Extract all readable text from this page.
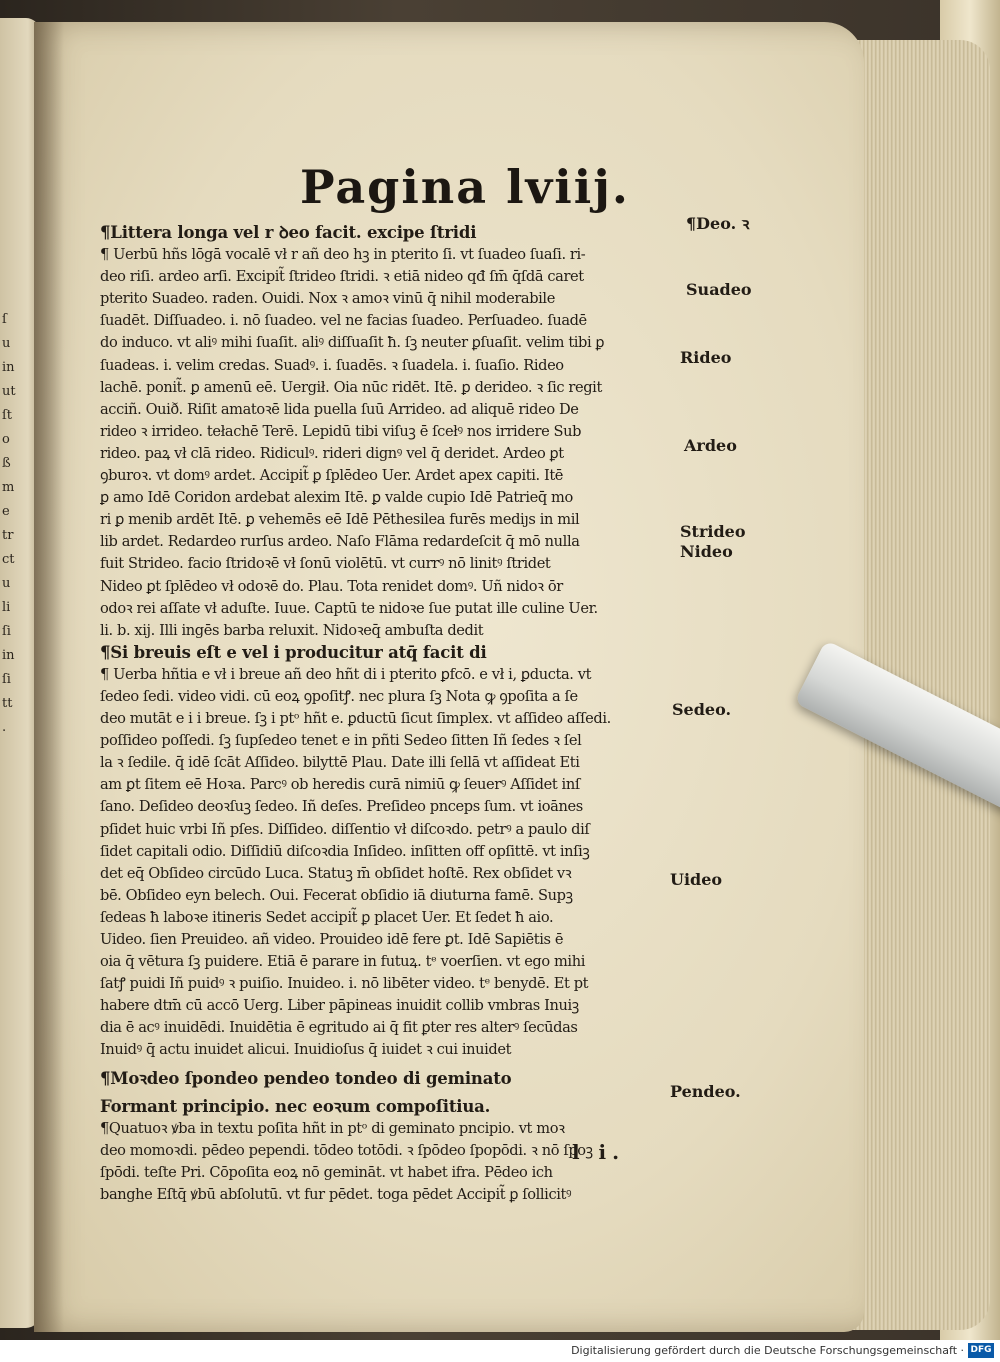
ſ
u
in
ut
ſt
o
ß
m
e
tr
ct
u
li
ſi
in
ſi
tt
.
Pagina lviij.
¶Littera longa vel r ꝺeo facit. excipe ſtridi
¶ Uerbū hñs lōgā vocalē vł r añ deo hꝫ in pterito ſi. vt ſuadeo ſuaſi. ri-
deo riſi. ardeo arſi. Excipit̃ ſtrideo ſtridi. ꝛ etiā nideo qđ ſm̄ q̄ſdā caret
pterito Suadeo. raden. Ouidi. Nox ꝛ amoꝛ vinū q̄ nihil moderabile
ſuadēt. Diſſuadeo. i. nō ſuadeo. vel ne facias ſuadeo. Perſuadeo. ſuadē
do induco. vt aliꝰ mihi ſuaſit. aliꝰ diſſuaſit ħ. ſꝫ neuter ꝑſuaſit. velim tibi ꝑ
ſuadeas. i. velim credas. Suadꝰ. i. ſuadēs. ꝛ ſuadela. i. ſuaſio. Rideo
lachē. ponit̃. ꝑ amenū eē. Uergił. Oia nūc ridēt. Itē. ꝑ derideo. ꝛ ſic regit
acciñ. Ouið. Riſit amatoꝛē lida puella ſuū Arrideo. ad aliquē rideo De
rideo ꝛ irrideo. tełachē Terē. Lepidū tibi viſuꝫ ē ſcełꝰ nos irridere Sub
rideo. paꝝ vł clā rideo. Ridiculꝰ. rideri dignꝰ vel q̄ deridet. Ardeo ꝑt
ꝯburoꝛ. vt domꝰ ardet. Accipit̃ ꝑ ſplēdeo Uer. Ardet apex capiti. Itē
ꝑ amo Idē Coridon ardebat alexim Itē. ꝑ valde cupio Idē Patrieq̄ mo
ri ꝑ menib ardēt Itē. ꝑ vehemēs eē Idē Pēthesilea furēs mediȷs in mil
lib ardet. Redardeo rurſus ardeo. Naſo Flāma redardeſcit q̄ mō nulla
fuit Strideo. facio ſtridoꝛē vł ſonū violētū. vt currꝰ nō linitꝰ ſtridet
Nideo ꝑt ſplēdeo vł odoꝛē do. Plau. Tota renidet domꝰ. Uñ nidoꝛ ōr
odoꝛ rei aſſate vł aduſte. Iuue. Captū te nidoꝛe ſue putat ille culine Uer.
li. b. xij. Illi ingēs barba reluxit. Nidoꝛeq̄ ambuſta dedit
¶Si breuis eſt e vel i producitur atq̄ facit di
¶ Uerba hñtia e vł i breue añ deo hñt di i pterito ꝑfcō. e vł i, ꝑducta. vt
ſedeo ſedi. video vidi. cū eoꝝ ꝯpoſitꝭ. nec plura ſꝫ Nota ꝙ ꝯpoſita a ſe
deo mutāt e i i breue. ſꝫ i ptᵒ hñt e. ꝑductū ſicut ſimplex. vt aſſideo aſſedi.
poſſideo poſſedi. ſꝫ ſupſedeo tenet e in pñti Sedeo ſitten Iñ ſedes ꝛ ſel
la ꝛ ſedile. q̄ idē ſcāt Aſſideo. bilyttē Plau. Date illi ſellā vt aſſideat Eti
am ꝑt ſitem eē Hoꝛa. Parcꝰ ob heredis curā nimiū ꝙ ſeuerꝰ Aſſidet inſ
ſano. Deſideo deoꝛſuꝫ ſedeo. Iñ deſes. Preſideo pnceps ſum. vt ioānes
pſidet huic vrbi Iñ pſes. Diſſideo. diſſentio vł diſcoꝛdo. petrꝰ a paulo diſ
ſidet capitali odio. Diſſidiū diſcoꝛdia Inſideo. inſitten off opſittē. vt inſiꝫ
det eq̄ Obſideo circūdo Luca. Statuꝫ m̄ obſidet hoſtē. Rex obſidet vꝛ
bē. Obſideo eyn belech. Oui. Fecerat obſidio iā diuturna famē. Supꝫ
ſedeas ħ laboꝛe itineris Sedet accipit̃ ꝑ placet Uer. Et ſedet ħ aio.
Uideo. ſien Preuideo. añ video. Prouideo idē fere ꝑt. Idē Sapiētis ē
oia q̄ vētura ſꝫ puidere. Etiā ē parare in futuꝝ. tᵉ voerſien. vt ego mihi
ſatꝭ puidi Iñ puidꝰ ꝛ puiſio. Inuideo. i. nō libēter video. tᵉ benydē. Et pt
habere dtm̄ cū accō Uerg. Liber pāpineas inuidit collib vmbras Inuiꝫ
dia ē acꝰ inuidēdi. Inuidētia ē egritudo ai q̄ fit ꝑter res alterꝰ ſecūdas
Inuidꝰ q̄ actu inuidet alicui. Inuidioſus q̄ iuidet ꝛ cui inuidet
¶Moꝛdeo ſpondeo pendeo tondeo di geminato
Formant principio. nec eoꝛum compoſitiua.
¶Quatuoꝛ ꝟba in textu poſita hñt in ptᵒ di geminato pncipio. vt moꝛ
deo momoꝛdi. pēdeo pependi. tōdeo totōdi. ꝛ ſpōdeo ſpopōdi. ꝛ nō ſpoꝫ
ſpōdi. teſte Pri. Cōpoſita eoꝝ nō gemināt. vt habet ifra. Pēdeo ich
banghe Eſtq̄ ꝟbū abſolutū. vt fur pēdet. toga pēdet Accipit̃ ꝑ ſollicitꝰ
¶Deo. ꝛ
Suadeo
Rideo
Ardeo
Strideo
Nideo
Sedeo.
Uideo
Pendeo.
l i.
Digitalisierung gefördert durch die Deutsche Forschungsgemeinschaft · DFG
